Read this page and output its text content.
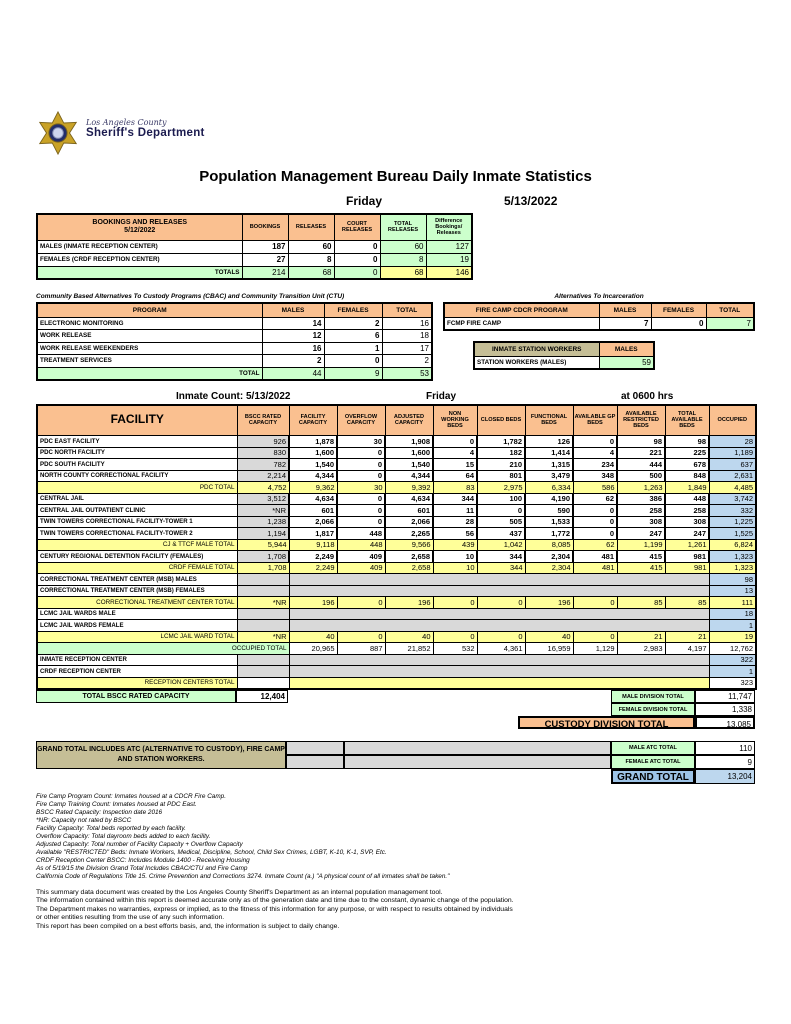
Los Angeles County
Sheriff's Department
Population Management Bureau Daily Inmate Statistics
Friday	5/13/2022
BOOKINGS AND RELEASES
5/12/2022	BOOKINGS	RELEASES	COURT RELEASES	TOTAL RELEASES	Difference Bookings/ Releases
MALES (INMATE RECEPTION CENTER)	187	60	0	60	127
FEMALES (CRDF RECEPTION CENTER)	27	8	0	8	19
TOTALS	214	68	0	68	146
Community Based Alternatives To Custody Programs (CBAC) and Community Transition Unit (CTU)
PROGRAM	MALES	FEMALES	TOTAL
ELECTRONIC MONITORING	14	2	16
WORK RELEASE	12	6	18
WORK RELEASE WEEKENDERS	16	1	17
TREATMENT SERVICES	2	0	2
TOTAL	44	9	53
Alternatives To Incarceration
FIRE CAMP CDCR PROGRAM	MALES	FEMALES	TOTAL
FCMP FIRE CAMP	7	0	7
INMATE STATION WORKERS	MALES
STATION WORKERS (MALES)	59
Inmate Count: 5/13/2022	Friday	at 0600 hrs
FACILITY	BSCC RATED CAPACITY	FACILITY CAPACITY	OVERFLOW CAPACITY	ADJUSTED CAPACITY	NON WORKING BEDS	CLOSED BEDS	FUNCTIONAL BEDS	AVAILABLE GP BEDS	AVAILABLE RESTRICTED BEDS	TOTAL AVAILABLE BEDS	OCCUPIED
PDC EAST FACILITY	926	1,878	30	1,908	0	1,782	126	0	98	98	28
PDC NORTH FACILITY	830	1,600	0	1,600	4	182	1,414	4	221	225	1,189
PDC SOUTH FACILITY	782	1,540	0	1,540	15	210	1,315	234	444	678	637
NORTH COUNTY CORRECTIONAL FACILITY	2,214	4,344	0	4,344	64	801	3,479	348	500	848	2,631
PDC TOTAL	4,752	9,362	30	9,392	83	2,975	6,334	586	1,263	1,849	4,485
CENTRAL JAIL	3,512	4,634	0	4,634	344	100	4,190	62	386	448	3,742
CENTRAL JAIL OUTPATIENT CLINIC	*NR	601	0	601	11	0	590	0	258	258	332
TWIN TOWERS CORRECTIONAL FACILITY-TOWER 1	1,238	2,066	0	2,066	28	505	1,533	0	308	308	1,225
TWIN TOWERS CORRECTIONAL FACILITY-TOWER 2	1,194	1,817	448	2,265	56	437	1,772	0	247	247	1,525
CJ & TTCF MALE TOTAL	5,944	9,118	448	9,566	439	1,042	8,085	62	1,199	1,261	6,824
CENTURY REGIONAL DETENTION FACILITY (FEMALES)	1,708	2,249	409	2,658	10	344	2,304	481	415	981	1,323
CRDF FEMALE TOTAL	1,708	2,249	409	2,658	10	344	2,304	481	415	981	1,323
CORRECTIONAL TREATMENT CENTER (MSB) MALES											98
CORRECTIONAL TREATMENT CENTER (MSB) FEMALES											13
CORRECTIONAL TREATMENT CENTER TOTAL	*NR	196	0	196	0	0	196	0	85	85	111
LCMC JAIL WARDS MALE											18
LCMC JAIL WARDS FEMALE											1
LCMC JAIL WARD TOTAL	*NR	40	0	40	0	0	40	0	21	21	19
OCCUPIED TOTAL		20,965	887	21,852	532	4,361	16,959	1,129	2,983	4,197	12,762
INMATE RECEPTION CENTER											322
CRDF RECEPTION CENTER											1
RECEPTION CENTERS TOTAL											323
TOTAL BSCC RATED CAPACITY	12,404	MALE DIVISION TOTAL	11,747
FEMALE DIVISION TOTAL	1,338
CUSTODY DIVISION TOTAL	13,085
GRAND TOTAL INCLUDES ATC (ALTERNATIVE TO CUSTODY), FIRE CAMP AND STATION WORKERS.
MALE ATC TOTAL	110
FEMALE ATC TOTAL	9
GRAND TOTAL	13,204
Fire Camp Program Count: Inmates housed at a CDCR Fire Camp.
Fire Camp Training Count: Inmates housed at PDC East.
BSCC Rated Capacity: Inspection date 2016
*NR: Capacity not rated by BSCC
Facility Capacity: Total beds reported by each facility.
Overflow Capacity: Total dayroom beds added to each facility.
Adjusted Capacity: Total number of Facility Capacity + Overflow Capacity
Available "RESTRICTED" Beds: Inmate Workers, Medical, Discipline, School, Child Sex Crimes, LGBT, K-10, K-1, SVP, Etc.
CRDF Reception Center BSCC: Includes Module 1400 - Receiving Housing
As of 5/19/15 the Division Grand Total Includes CBAC/CTU and Fire Camp
California Code of Regulations Title 15. Crime Prevention and Corrections 3274. Inmate Count (a.) "A physical count of all inmates shall be taken."
This summary data document was created by the Los Angeles County Sheriff's Department as an internal population management tool.
The information contained within this report is deemed accurate only as of the generation date and time due to the constant, dynamic change of the population.
The Department makes no warranties, express or implied, as to the fitness of this information for any purpose, or with respect to results obtained by individuals
or other entities resulting from the use of any such information.
This report has been compiled on a best efforts basis, and, the information is subject to daily change.
